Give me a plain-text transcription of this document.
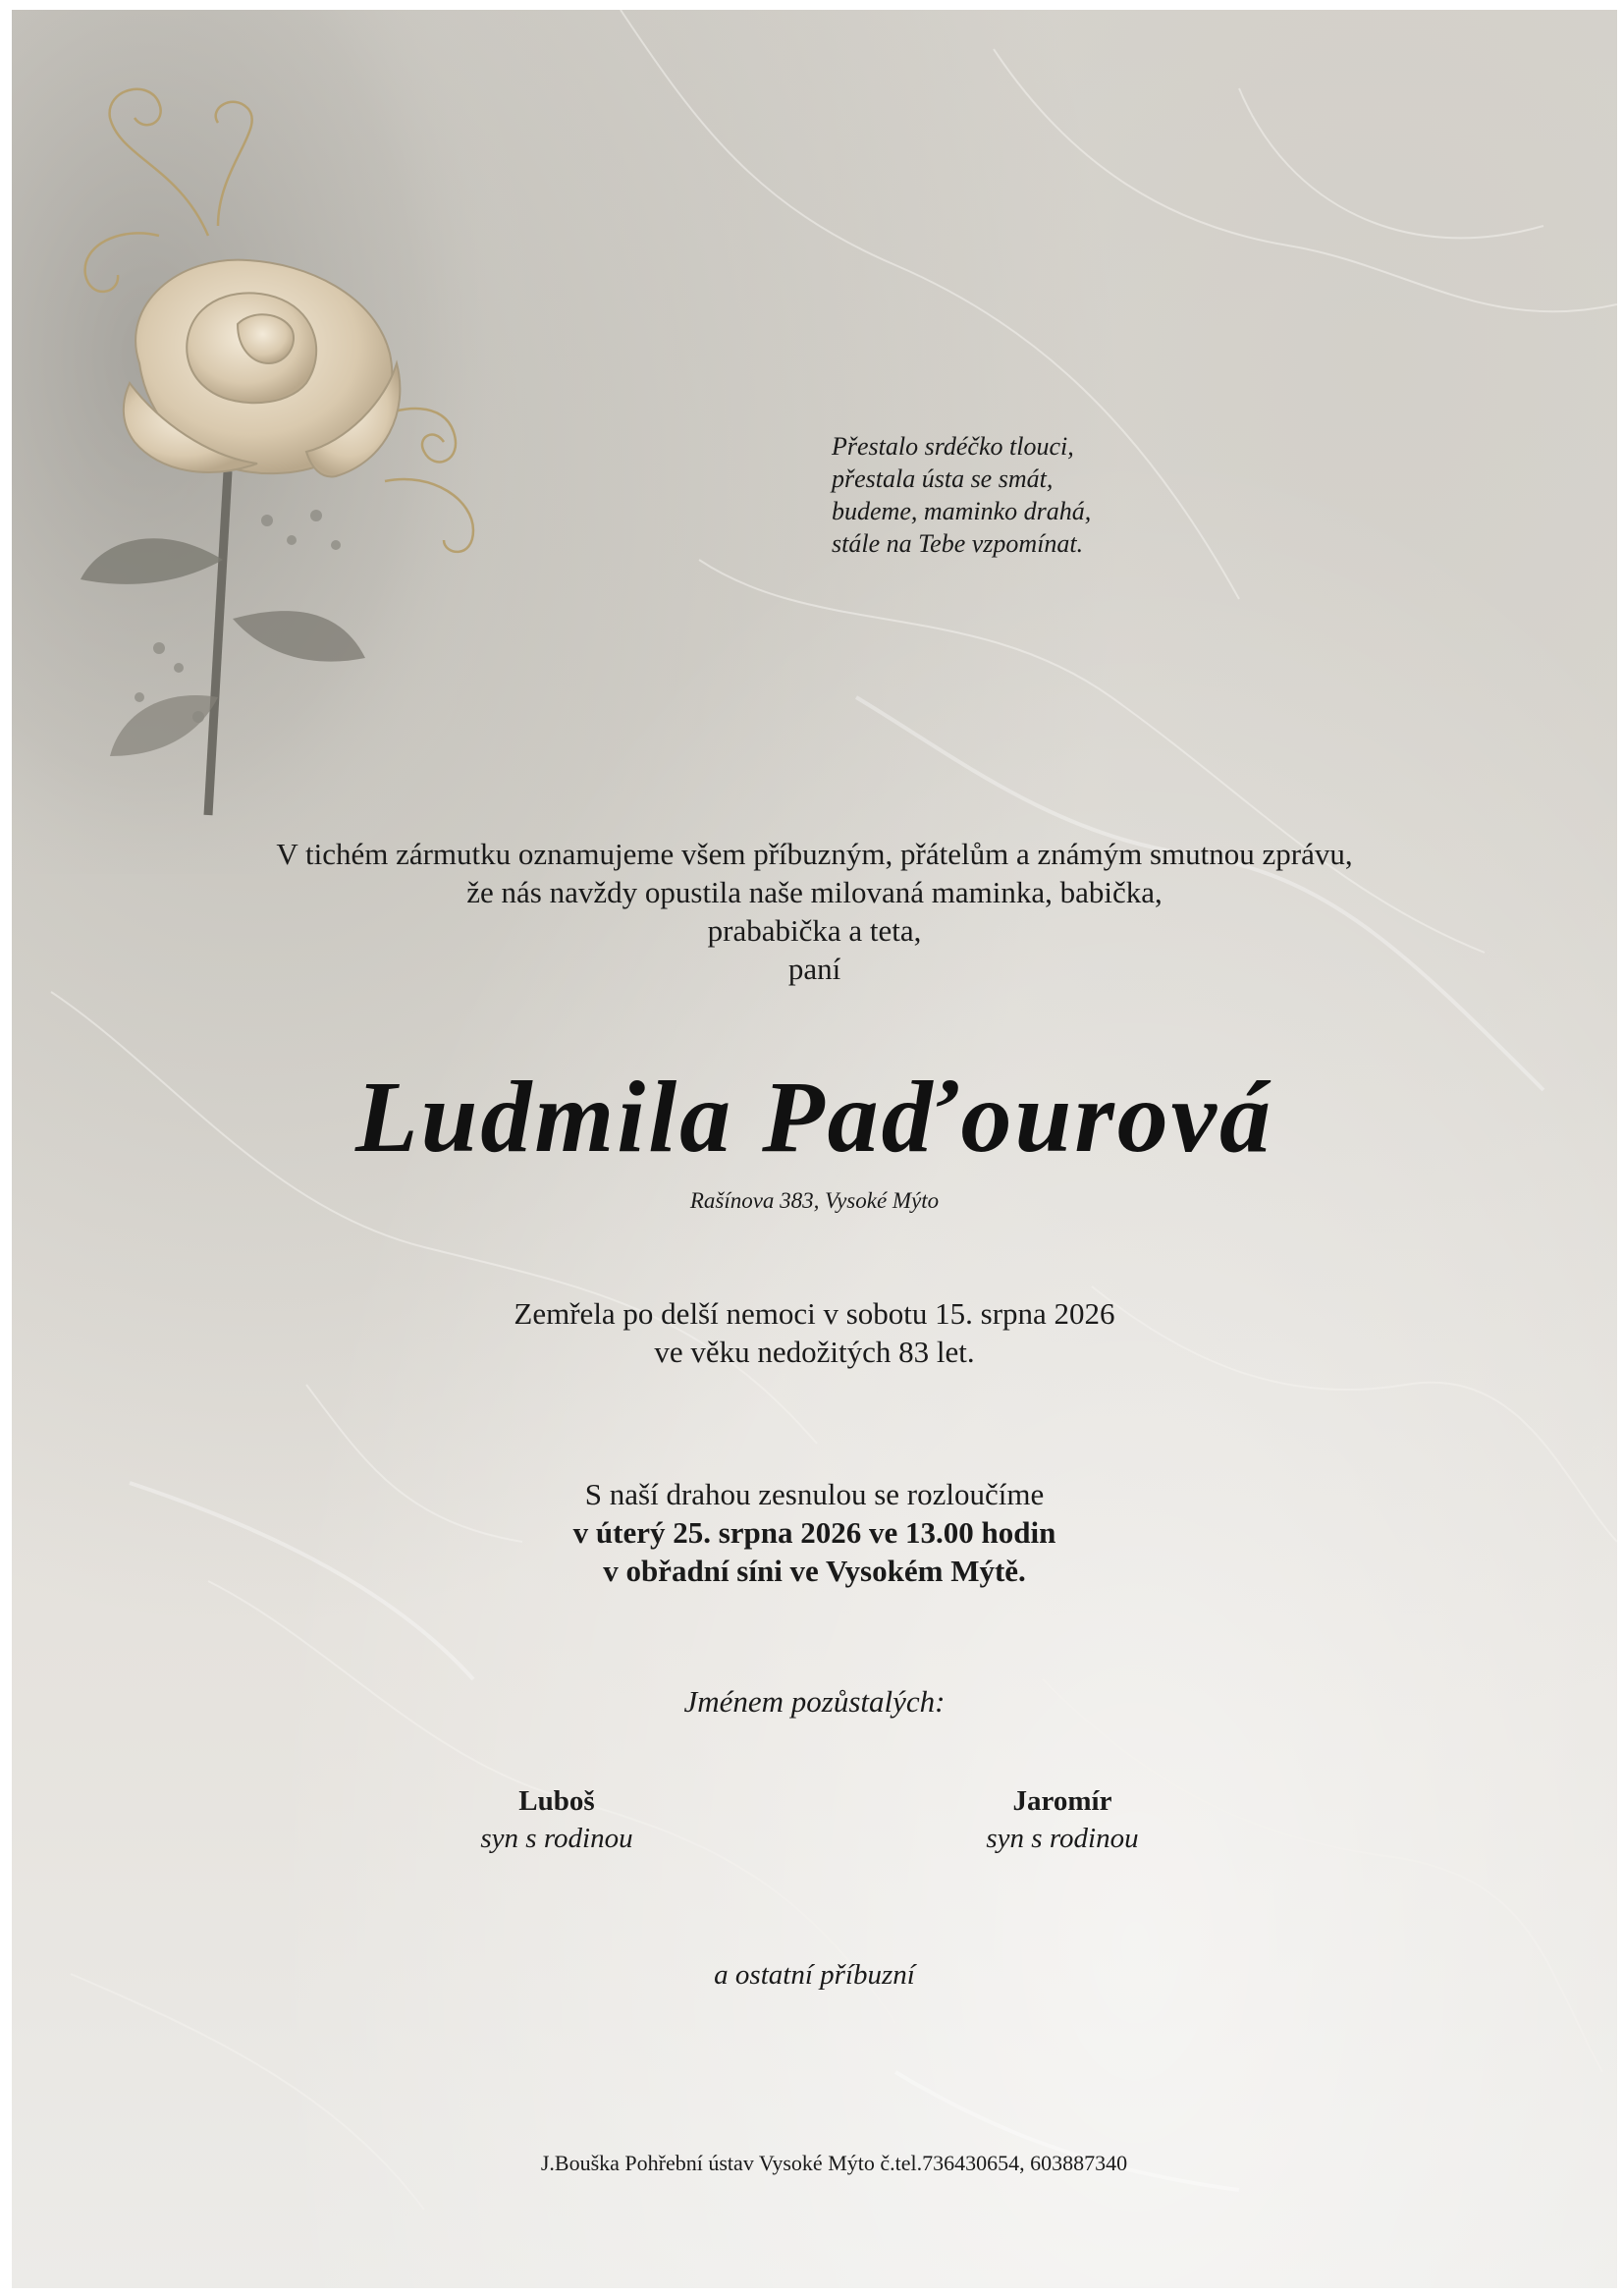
Přestalo srdéčko tlouci,
přestala ústa se smát,
budeme, maminko drahá,
stále na Tebe vzpomínat.
V tichém zármutku oznamujeme všem příbuzným, přátelům a známým smutnou zprávu,
že nás navždy opustila naše milovaná maminka, babička,
prababička a teta,
paní
Ludmila Paďourová
Rašínova 383, Vysoké Mýto
Zemřela po delší nemoci v sobotu 15. srpna 2026
ve věku nedožitých 83 let.
S naší drahou zesnulou se rozloučíme
v úterý 25. srpna 2026 ve 13.00 hodin
v obřadní síni ve Vysokém Mýtě.
Jménem pozůstalých:
Luboš
syn s rodinou
Jaromír
syn s rodinou
a ostatní příbuzní
J.Bouška Pohřební ústav Vysoké Mýto č.tel.736430654, 603887340
